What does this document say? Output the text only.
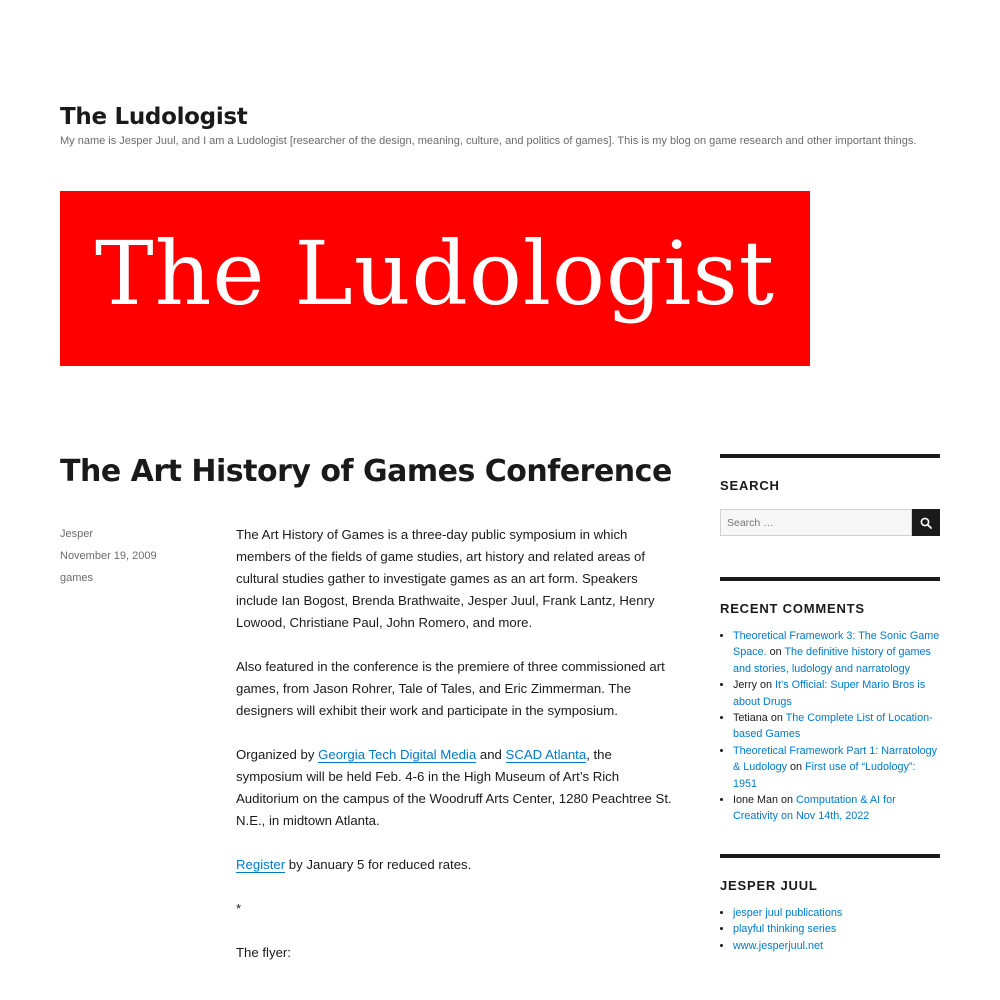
The Ludologist

My name is Jesper Juul, and I am a Ludologist [researcher of the design, meaning, culture, and politics of games]. This is my blog on game research and other important things.

The Ludologist
The Art History of Games Conference
Jesper
November 19, 2009
games

The Art History of Games is a three-day public symposium in which members of the fields of game studies, art history and related areas of cultural studies gather to investigate games as an art form. Speakers include Ian Bogost, Brenda Brathwaite, Jesper Juul, Frank Lantz, Henry Lowood, Christiane Paul, John Romero, and more.

Also featured in the conference is the premiere of three commissioned art games, from Jason Rohrer, Tale of Tales, and Eric Zimmerman. The designers will exhibit their work and participate in the symposium.

Organized by Georgia Tech Digital Media and SCAD Atlanta, the symposium will be held Feb. 4-6 in the High Museum of Art’s Rich Auditorium on the campus of the Woodruff Arts Center, 1280 Peachtree St. N.E., in midtown Atlanta.

Register by January 5 for reduced rates.

*

The flyer:

SEARCH
Search …
RECENT COMMENTS
• Theoretical Framework 3: The Sonic Game Space. on The definitive history of games and stories, ludology and narratology
• Jerry on It’s Official: Super Mario Bros is about Drugs
• Tetiana on The Complete List of Location-based Games
• Theoretical Framework Part 1: Narratology & Ludology on First use of “Ludology”: 1951
• Ione Man on Computation & AI for Creativity on Nov 14th, 2022
JESPER JUUL
• jesper juul publications
• playful thinking series
• www.jesperjuul.net
